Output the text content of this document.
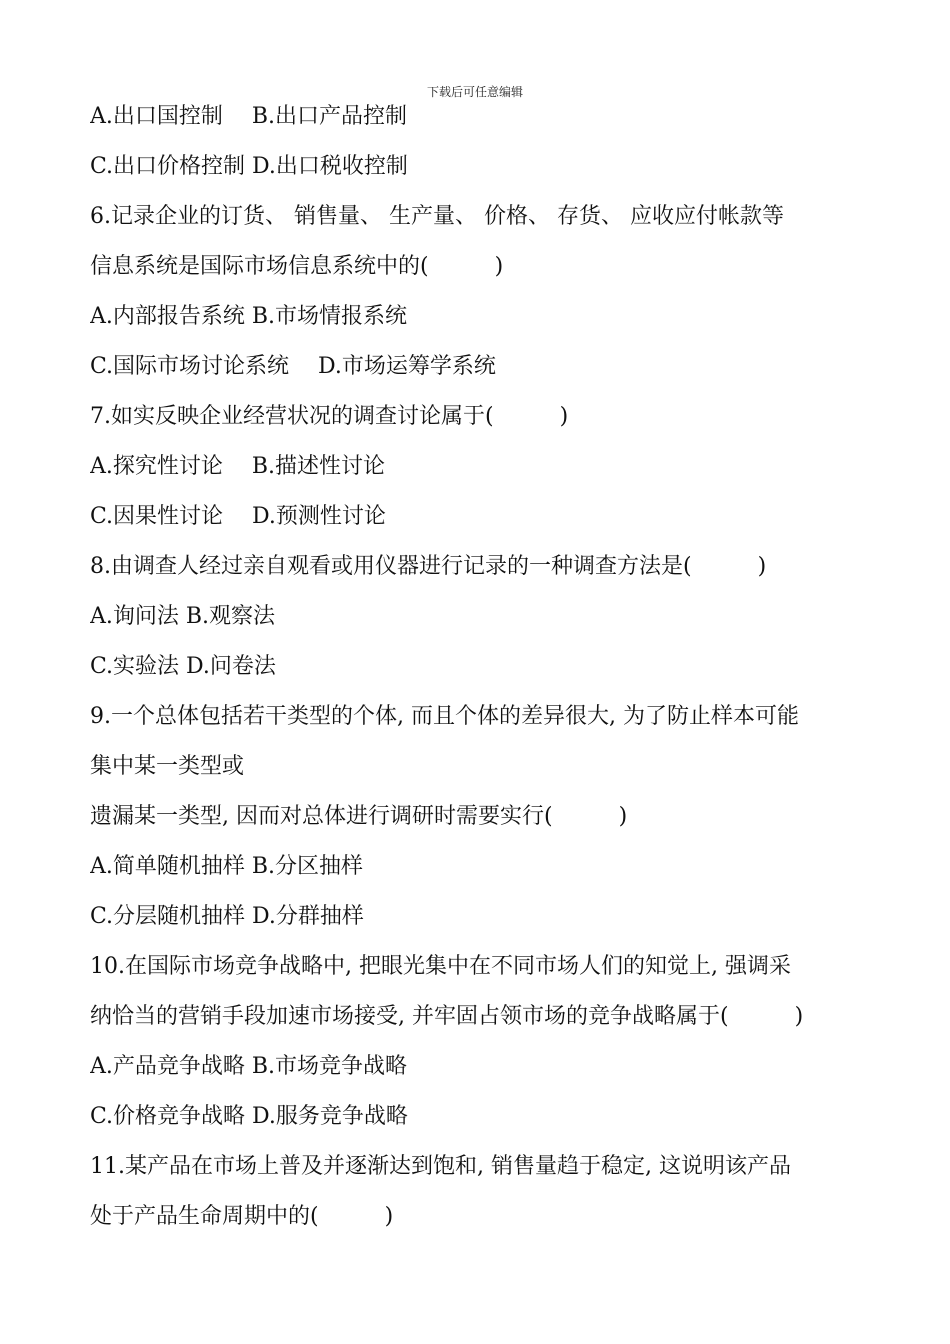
下载后可任意编辑
A.出口国控制　 B.出口产品控制
C.出口价格控制 D.出口税收控制
6.记录企业的订货、 销售量、 生产量、 价格、 存货、 应收应付帐款等
信息系统是国际市场信息系统中的(　　　)
A.内部报告系统 B.市场情报系统
C.国际市场讨论系统　 D.市场运筹学系统
7.如实反映企业经营状况的调查讨论属于(　　　)
A.探究性讨论　 B.描述性讨论
C.因果性讨论　 D.预测性讨论
8.由调查人经过亲自观看或用仪器进行记录的一种调查方法是(　　　)
A.询问法 B.观察法
C.实验法 D.问卷法
9.一个总体包括若干类型的个体, 而且个体的差异很大, 为了防止样本可能
集中某一类型或
遗漏某一类型, 因而对总体进行调研时需要实行(　　　)
A.简单随机抽样 B.分区抽样
C.分层随机抽样 D.分群抽样
10.在国际市场竞争战略中, 把眼光集中在不同市场人们的知觉上, 强调采
纳恰当的营销手段加速市场接受, 并牢固占领市场的竞争战略属于(　　　)
A.产品竞争战略 B.市场竞争战略
C.价格竞争战略 D.服务竞争战略
11.某产品在市场上普及并逐渐达到饱和, 销售量趋于稳定, 这说明该产品
处于产品生命周期中的(　　　)
